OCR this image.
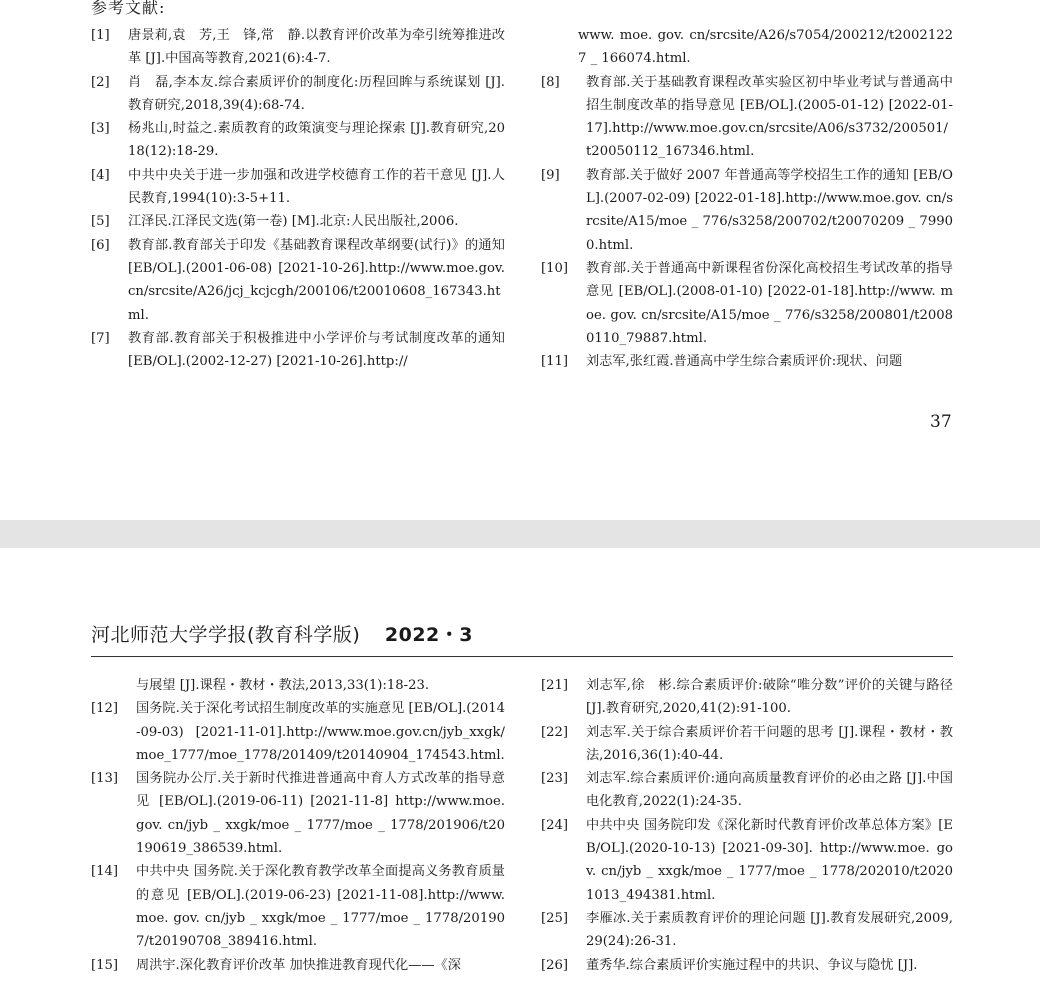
参考文献:
[1]	唐景莉,袁　芳,王　锋,常　静.以教育评价改革为牵引统筹推进改革 [J].中国高等教育,2021(6):4-7.
[2]	肖　磊,李本友.综合素质评价的制度化:历程回眸与系统谋划 [J].教育研究,2018,39(4):68-74.
[3]	杨兆山,时益之.素质教育的政策演变与理论探索 [J].教育研究,2018(12):18-29.
[4]	中共中央关于进一步加强和改进学校德育工作的若干意见 [J].人民教育,1994(10):3-5+11.
[5]	江泽民.江泽民文选(第一卷) [M].北京:人民出版社,2006.
[6]	教育部.教育部关于印发《基础教育课程改革纲要(试行)》的通知 [EB/OL].(2001-06-08) [2021-10-26].http://www.moe.gov.cn/srcsite/A26/jcj_kcjcgh/200106/t20010608_167343.html.
[7]	教育部.教育部关于积极推进中小学评价与考试制度改革的通知 [EB/OL].(2002-12-27) [2021-10-26].http://
www. moe. gov. cn/srcsite/A26/s7054/200212/t20021227 _ 166074.html.
[8]	教育部.关于基础教育课程改革实验区初中毕业考试与普通高中招生制度改革的指导意见 [EB/OL].(2005-01-12) [2022-01-17].http://www.moe.gov.cn/srcsite/A06/s3732/200501/t20050112_167346.html.
[9]	教育部.关于做好 2007 年普通高等学校招生工作的通知 [EB/OL].(2007-02-09) [2022-01-18].http://www.moe.gov. cn/srcsite/A15/moe _ 776/s3258/200702/t20070209 _ 79900.html.
[10]	教育部.关于普通高中新课程省份深化高校招生考试改革的指导意见 [EB/OL].(2008-01-10) [2022-01-18].http://www. moe. gov. cn/srcsite/A15/moe _ 776/s3258/200801/t20080110_79887.html.
[11]	刘志军,张红霞.普通高中学生综合素质评价:现状、问题
37
河北师范大学学报(教育科学版) 2022・3
与展望 [J].课程・教材・教法,2013,33(1):18-23.
[12]	国务院.关于深化考试招生制度改革的实施意见 [EB/OL].(2014-09-03) [2021-11-01].http://www.moe.gov.cn/jyb_xxgk/moe_1777/moe_1778/201409/t20140904_174543.html.
[13]	国务院办公厅.关于新时代推进普通高中育人方式改革的指导意见 [EB/OL].(2019-06-11) [2021-11-8] http://www.moe. gov. cn/jyb _ xxgk/moe _ 1777/moe _ 1778/201906/t20190619_386539.html.
[14]	中共中央 国务院.关于深化教育教学改革全面提高义务教育质量的意见 [EB/OL].(2019-06-23) [2021-11-08].http://www. moe. gov. cn/jyb _ xxgk/moe _ 1777/moe _ 1778/201907/t20190708_389416.html.
[15]	周洪宇.深化教育评价改革 加快推进教育现代化——《深
[21]	刘志军,徐　彬.综合素质评价:破除“唯分数”评价的关键与路径 [J].教育研究,2020,41(2):91-100.
[22]	刘志军.关于综合素质评价若干问题的思考 [J].课程・教材・教法,2016,36(1):40-44.
[23]	刘志军.综合素质评价:通向高质量教育评价的必由之路 [J].中国电化教育,2022(1):24-35.
[24]	中共中央 国务院印发《深化新时代教育评价改革总体方案》[EB/OL].(2020-10-13) [2021-09-30]. http://www.moe. gov. cn/jyb _ xxgk/moe _ 1777/moe _ 1778/202010/t20201013_494381.html.
[25]	李雁冰.关于素质教育评价的理论问题 [J].教育发展研究,2009,29(24):26-31.
[26]	董秀华.综合素质评价实施过程中的共识、争议与隐忧 [J].
